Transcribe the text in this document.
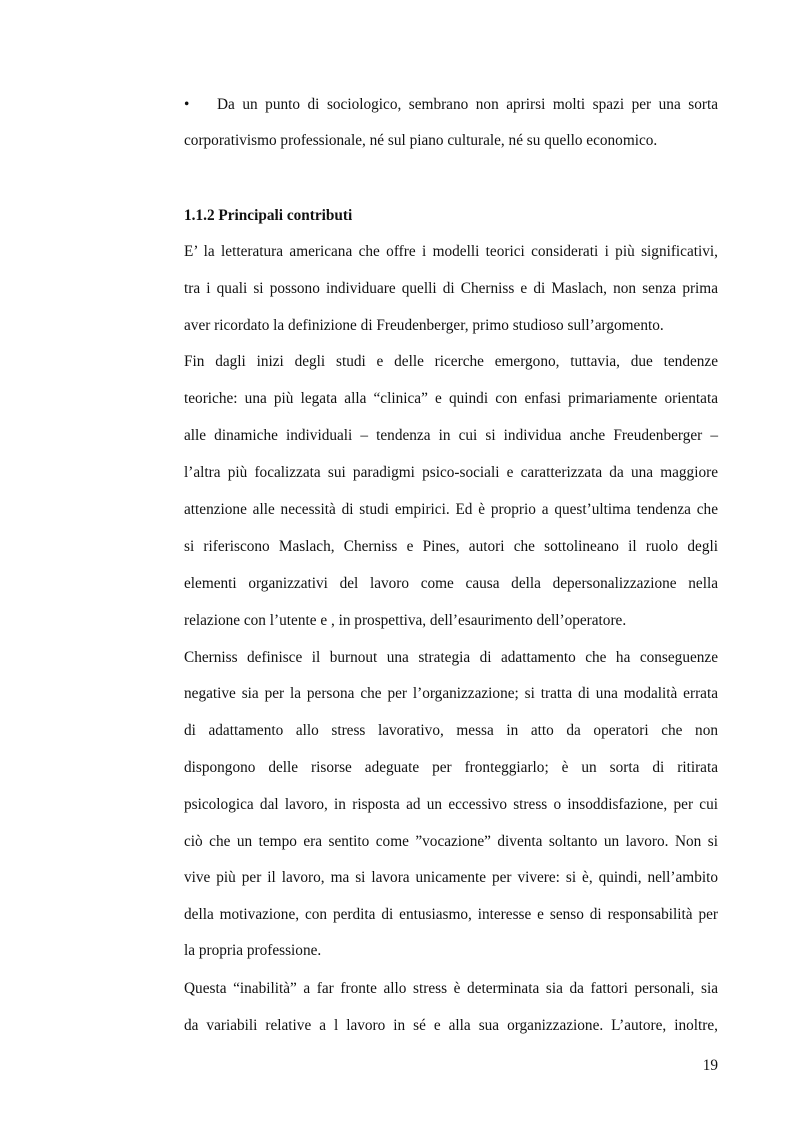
• Da un punto di sociologico, sembrano non aprirsi molti spazi per una sorta
corporativismo professionale, né sul piano culturale, né su quello economico.
1.1.2 Principali contributi
E’ la letteratura americana che offre i modelli teorici considerati i più significativi,
tra i quali si possono individuare quelli di Cherniss e di Maslach, non senza prima
aver ricordato la definizione di Freudenberger, primo studioso sull’argomento.
Fin dagli inizi degli studi e delle ricerche emergono, tuttavia, due tendenze
teoriche: una più legata alla “clinica” e quindi con enfasi primariamente orientata
alle dinamiche individuali – tendenza in cui si individua anche Freudenberger –
l’altra più focalizzata sui paradigmi psico-sociali e caratterizzata da una maggiore
attenzione alle necessità di studi empirici. Ed è proprio a quest’ultima tendenza che
si riferiscono Maslach, Cherniss e Pines, autori che sottolineano il ruolo degli
elementi organizzativi del lavoro come causa della depersonalizzazione nella
relazione con l’utente e , in prospettiva, dell’esaurimento dell’operatore.
Cherniss definisce il burnout una strategia di adattamento che ha conseguenze
negative sia per la persona che per l’organizzazione; si tratta di una modalità errata
di adattamento allo stress lavorativo, messa in atto da operatori che non
dispongono delle risorse adeguate per fronteggiarlo; è un sorta di ritirata
psicologica dal lavoro, in risposta ad un eccessivo stress o insoddisfazione, per cui
ciò che un tempo era sentito come ”vocazione” diventa soltanto un lavoro. Non si
vive più per il lavoro, ma si lavora unicamente per vivere: si è, quindi, nell’ambito
della motivazione, con perdita di entusiasmo, interesse e senso di responsabilità per
la propria professione.
Questa “inabilità” a far fronte allo stress è determinata sia da fattori personali, sia
da variabili relative a l lavoro in sé e alla sua organizzazione. L’autore, inoltre,
19
